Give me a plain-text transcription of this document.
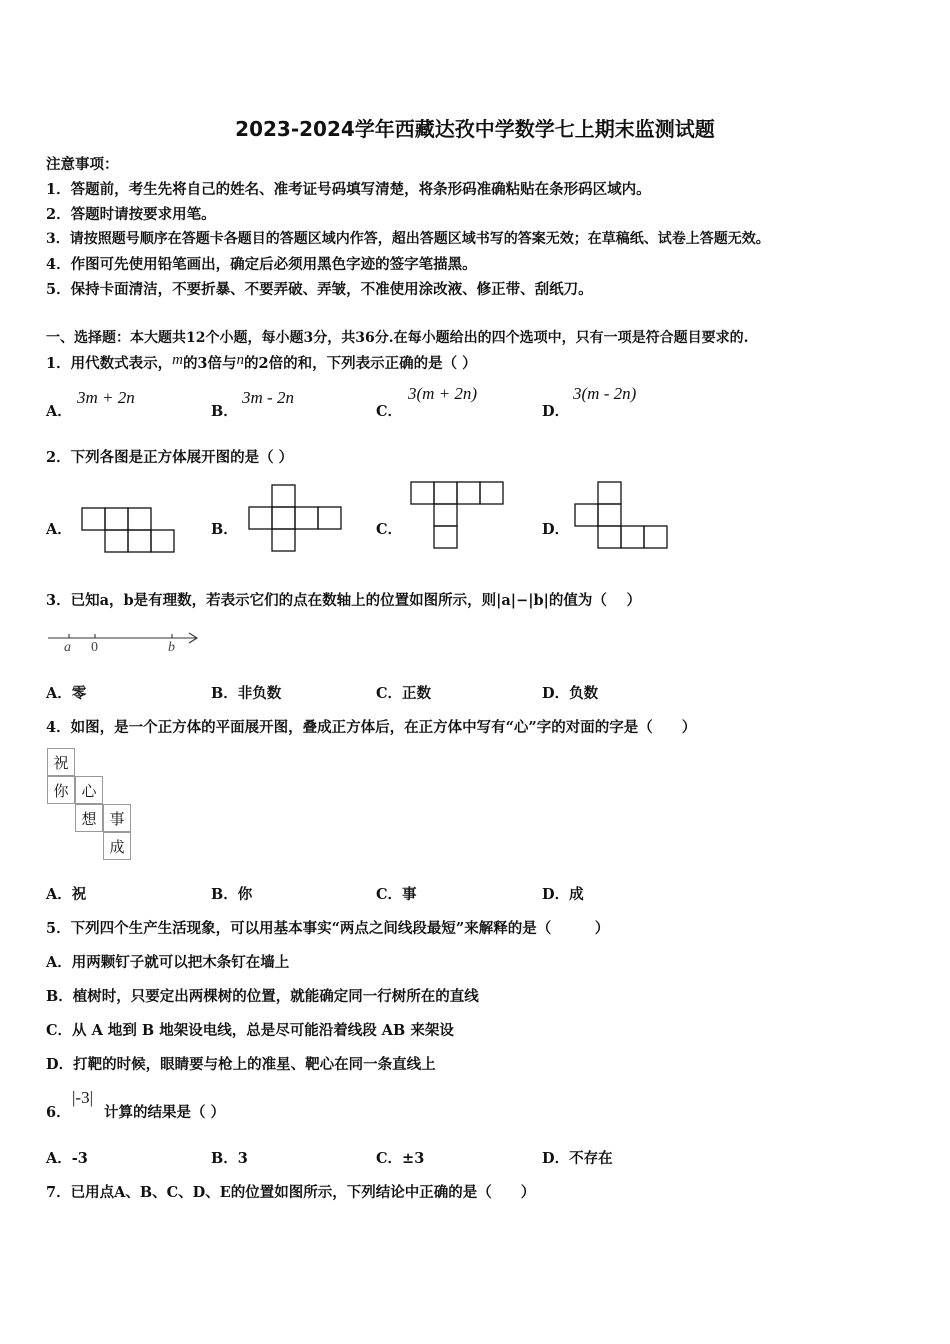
2023-2024学年西藏达孜中学数学七上期末监测试题
注意事项：
1．答题前，考生先将自己的姓名、准考证号码填写清楚，将条形码准确粘贴在条形码区域内。
2．答题时请按要求用笔。
3．请按照题号顺序在答题卡各题目的答题区域内作答，超出答题区域书写的答案无效；在草稿纸、试卷上答题无效。
4．作图可先使用铅笔画出，确定后必须用黑色字迹的签字笔描黑。
5．保持卡面清洁，不要折暴、不要弄破、弄皱，不准使用涂改液、修正带、刮纸刀。
一、选择题：本大题共12个小题，每小题3分，共36分.在每小题给出的四个选项中，只有一项是符合题目要求的.
1．用代数式表示，m的3倍与n的2倍的和，下列表示正确的是（ ）
A．
3m + 2n
B．
3m - 2n
C．
3(m + 2n)
D．
3(m - 2n)
2．下列各图是正方体展开图的是（ ）
A．	B．	C．	D．
3．已知a，b是有理数，若表示它们的点在数轴上的位置如图所示，则|a|−|b|的值为（　 ）
a 0	b
A．零	B．非负数	C．正数	D．负数
4．如图，是一个正方体的平面展开图，叠成正方体后，在正方体中写有“心”字的对面的字是（　　）
祝
你 心
想 事
成
A．祝	B．你	C．事	D．成
5．下列四个生产生活现象，可以用基本事实“两点之间线段最短”来解释的是（　　　）
A．用两颗钉子就可以把木条钉在墙上
B．植树时，只要定出两棵树的位置，就能确定同一行树所在的直线
C．从 A 地到 B 地架设电线，总是尽可能沿着线段 AB 来架设
D．打靶的时候，眼睛要与枪上的准星、靶心在同一条直线上
6．
|-3|
计算的结果是（ ）
A．-3	B．3	C．±3	D．不存在
7．已用点A、B、C、D、E的位置如图所示，下列结论中正确的是（　　）
